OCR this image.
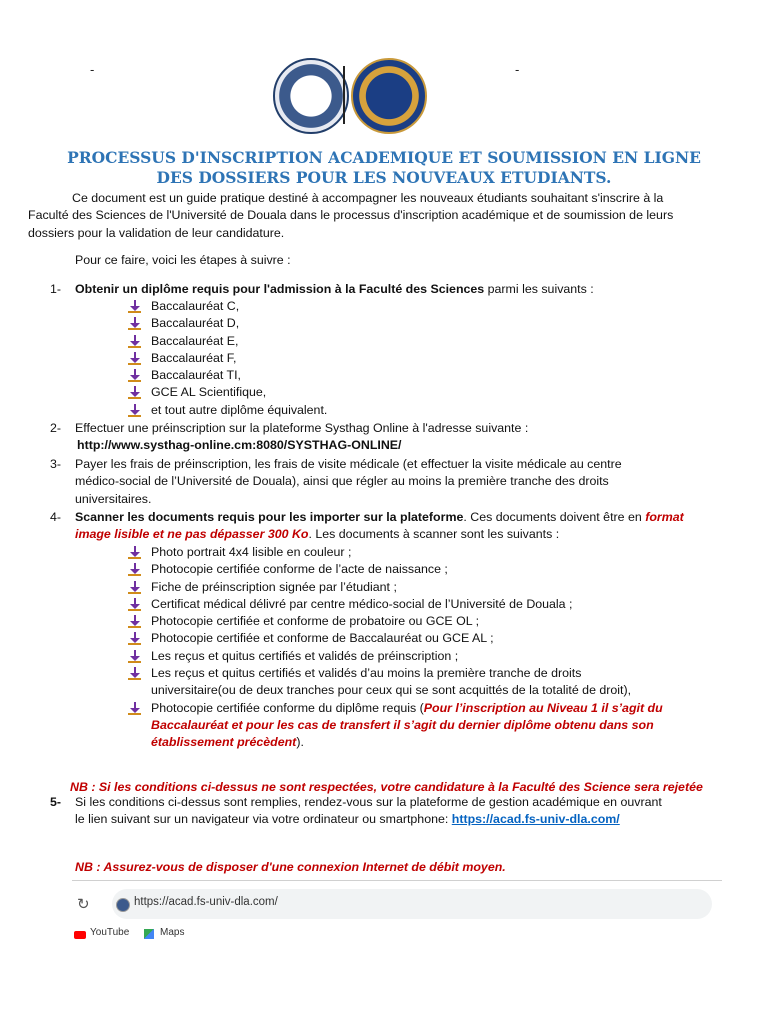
-	-
PROCESSUS D'INSCRIPTION ACADEMIQUE ET SOUMISSION EN LIGNE
DES DOSSIERS POUR LES NOUVEAUX ETUDIANTS.

Ce document est un guide pratique destiné à accompagner les nouveaux étudiants souhaitant s'inscrire à la
Faculté des Sciences de l'Université de Douala dans le processus d'inscription académique et de soumission de leurs
dossiers pour la validation de leur candidature.

Pour ce faire, voici les étapes à suivre :

1- Obtenir un diplôme requis pour l'admission à la Faculté des Sciences parmi les suivants :

Baccalauréat C,
Baccalauréat D,
Baccalauréat E,
Baccalauréat F,
Baccalauréat TI,
GCE AL Scientifique,
et tout autre diplôme équivalent.
2- Effectuer une préinscription sur la plateforme Systhag Online à l'adresse suivante :
http://www.systhag-online.cm:8080/SYSTHAG-ONLINE/

3- Payer les frais de préinscription, les frais de visite médicale (et effectuer la visite médicale au centre
médico-social de l’Université de Douala), ainsi que régler au moins la première tranche des droits
universitaires.

4- Scanner les documents requis pour les importer sur la plateforme. Ces documents doivent être en format
image lisible et ne pas dépasser 300 Ko. Les documents à scanner sont les suivants :

Photo portrait 4x4 lisible en couleur ;
Photocopie certifiée conforme de l’acte de naissance ;
Fiche de préinscription signée par l’étudiant ;
Certificat médical délivré par centre médico-social de l’Université de Douala ;
Photocopie certifiée et conforme de probatoire ou GCE OL ;
Photocopie certifiée et conforme de Baccalauréat ou GCE AL ;
Les reçus et quitus certifiés et validés de préinscription ;
Les reçus et quitus certifiés et validés d’au moins la première tranche de droits
universitaire(ou de deux tranches pour ceux qui se sont acquittés de la totalité de droit),
Photocopie certifiée conforme du diplôme requis (Pour l’inscription au Niveau 1 il s’agit du
Baccalauréat et pour les cas de transfert il s’agit du dernier diplôme obtenu dans son
établissement précèdent).

NB : Si les conditions ci-dessus ne sont respectées, votre candidature à la Faculté des Science sera rejetée

5- Si les conditions ci-dessus sont remplies, rendez-vous sur la plateforme de gestion académique en ouvrant
le lien suivant sur un navigateur via votre ordinateur ou smartphone: https://acad.fs-univ-dla.com/

NB : Assurez-vous de disposer d'une connexion Internet de débit moyen.

↻	https://acad.fs-univ-dla.com/
YouTube	Maps
